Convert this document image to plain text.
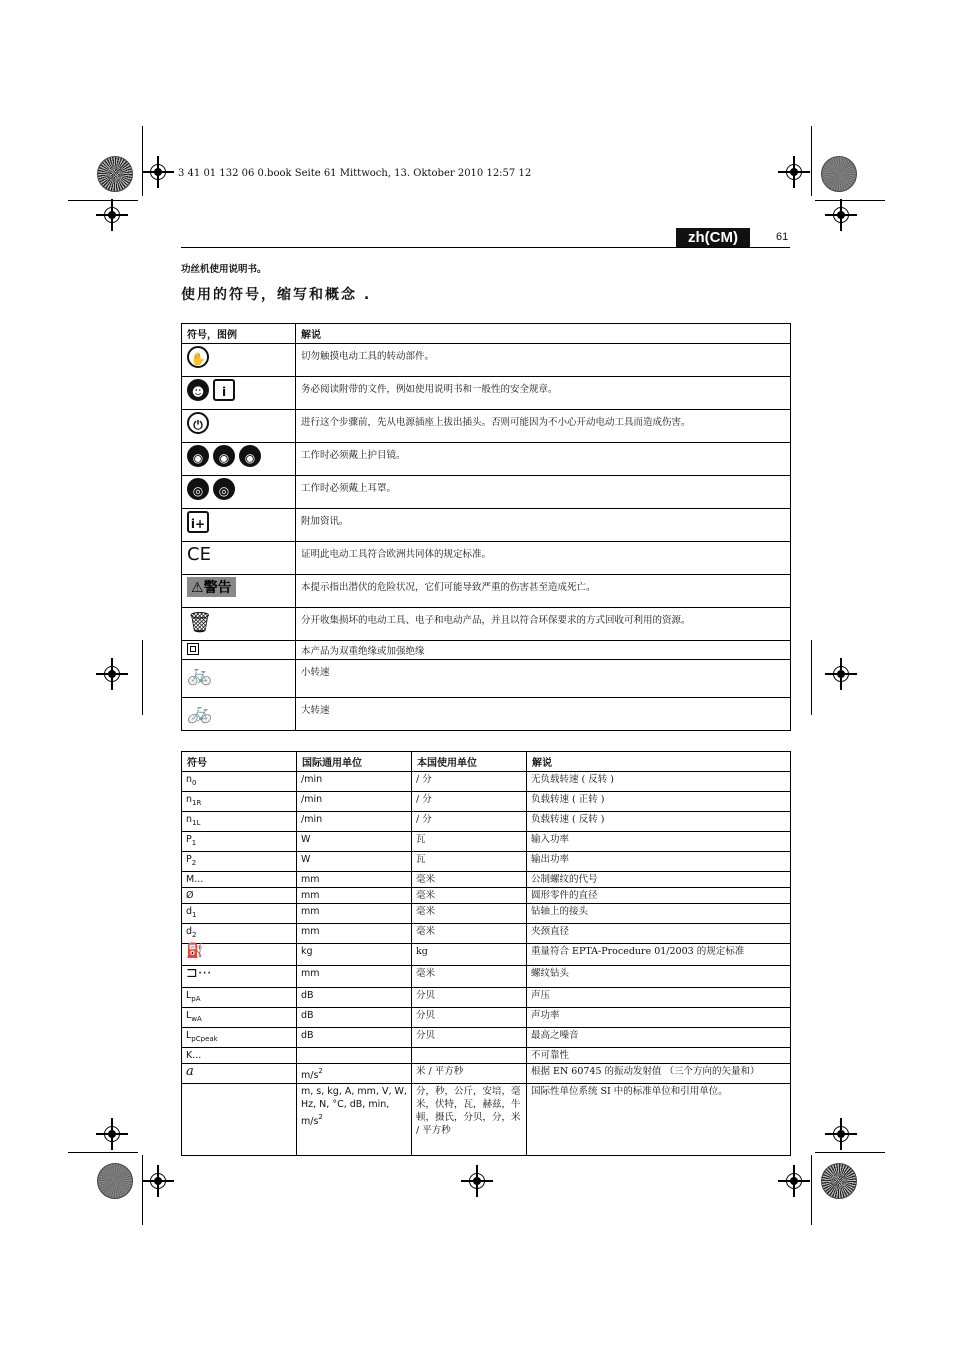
3 41 01 132 06 0.book Seite 61 Mittwoch, 13. Oktober 2010 12:57 12
zh(CM)	61
功丝机使用说明书。
使用的符号，缩写和概念 .
符号，图例	解说
✋	切勿触摸电动工具的转动部件。
☻ i	务必阅读附带的文件，例如使用说明书和一般性的安全规章。
⏻	进行这个步骤前，先从电源插座上拔出插头。否则可能因为不小心开动电动工具而造成伤害。
◉ ◉ ◉	工作时必须戴上护目镜。
◎ ◎	工作时必须戴上耳罩。
i+	附加资讯。
CE	证明此电动工具符合欧洲共同体的规定标准。
⚠警告	本提示指出潜伏的危险状况，它们可能导致严重的伤害甚至造成死亡。
🗑	分开收集损坏的电动工具、电子和电动产品，并且以符合环保要求的方式回收可利用的资源。

	本产品为双重绝缘或加强绝缘
🚲	小转速
🚲	大转速
符号	国际通用单位	本国使用单位	解说
$n_0$	/min	/ 分	无负载转速 ( 反转 )
$n_{1R}$	/min	/ 分	负载转速 ( 正转 )
$n_{1L}$	/min	/ 分	负载转速 ( 反转 )
$P_1$	W	瓦	输入功率
$P_2$	W	瓦	输出功率
M...	mm	毫米	公制螺纹的代号
Ø	mm	毫米	圆形零件的直径
$d_1$	mm	毫米	钻轴上的接头
$d_2$	mm	毫米	夹颈直径
⛽	kg	kg	重量符合 EPTA-Procedure 01/2003 的规定标准
⊐⋯	mm	毫米	螺纹钻头
$L_{pA}$	dB	分贝	声压
$L_{wA}$	dB	分贝	声功率
$L_{pCpeak}$	dB	分贝	最高之噪音
K...			不可靠性
a	$m/s^2$	米 / 平方秒	根据 EN 60745 的振动发射值 （三个方向的矢量和）
	m, s, kg, A, mm, V, W, Hz, N, °C, dB, min, $m/s^2$	分，秒，公斤，安培，毫米，伏特，瓦，赫兹，牛顿，摄氏，分贝，分，米 / 平方秒	国际性单位系统 SI 中的标准单位和引用单位。
